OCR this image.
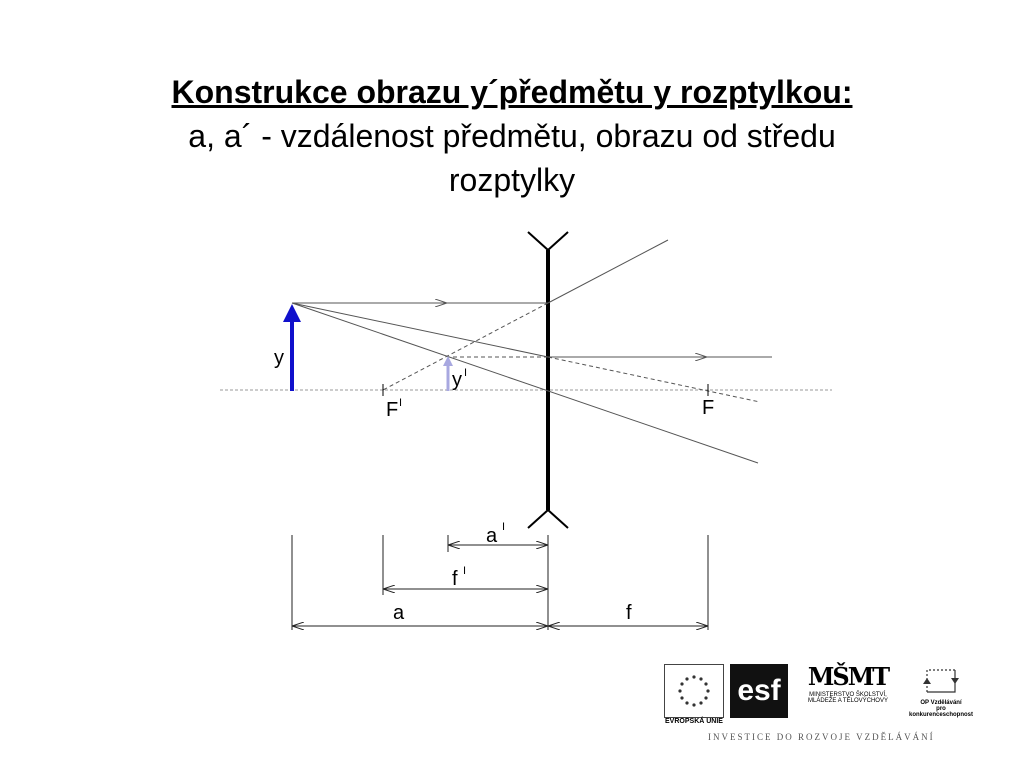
Konstrukce obrazu y´předmětu y rozptylkou:
a, a´ - vzdálenost předmětu, obrazu od středu
rozptylky
y
y I
F I	F
a I
f I
a	f
EVROPSKÁ UNIE
esf	MŠMT
MINISTERSTVO ŠKOLSTVÍ,
MLÁDEŽE A TĚLOVÝCHOVY	OP Vzdělávání
pro konkurenceschopnost
INVESTICE DO ROZVOJE VZDĚLÁVÁNÍ
